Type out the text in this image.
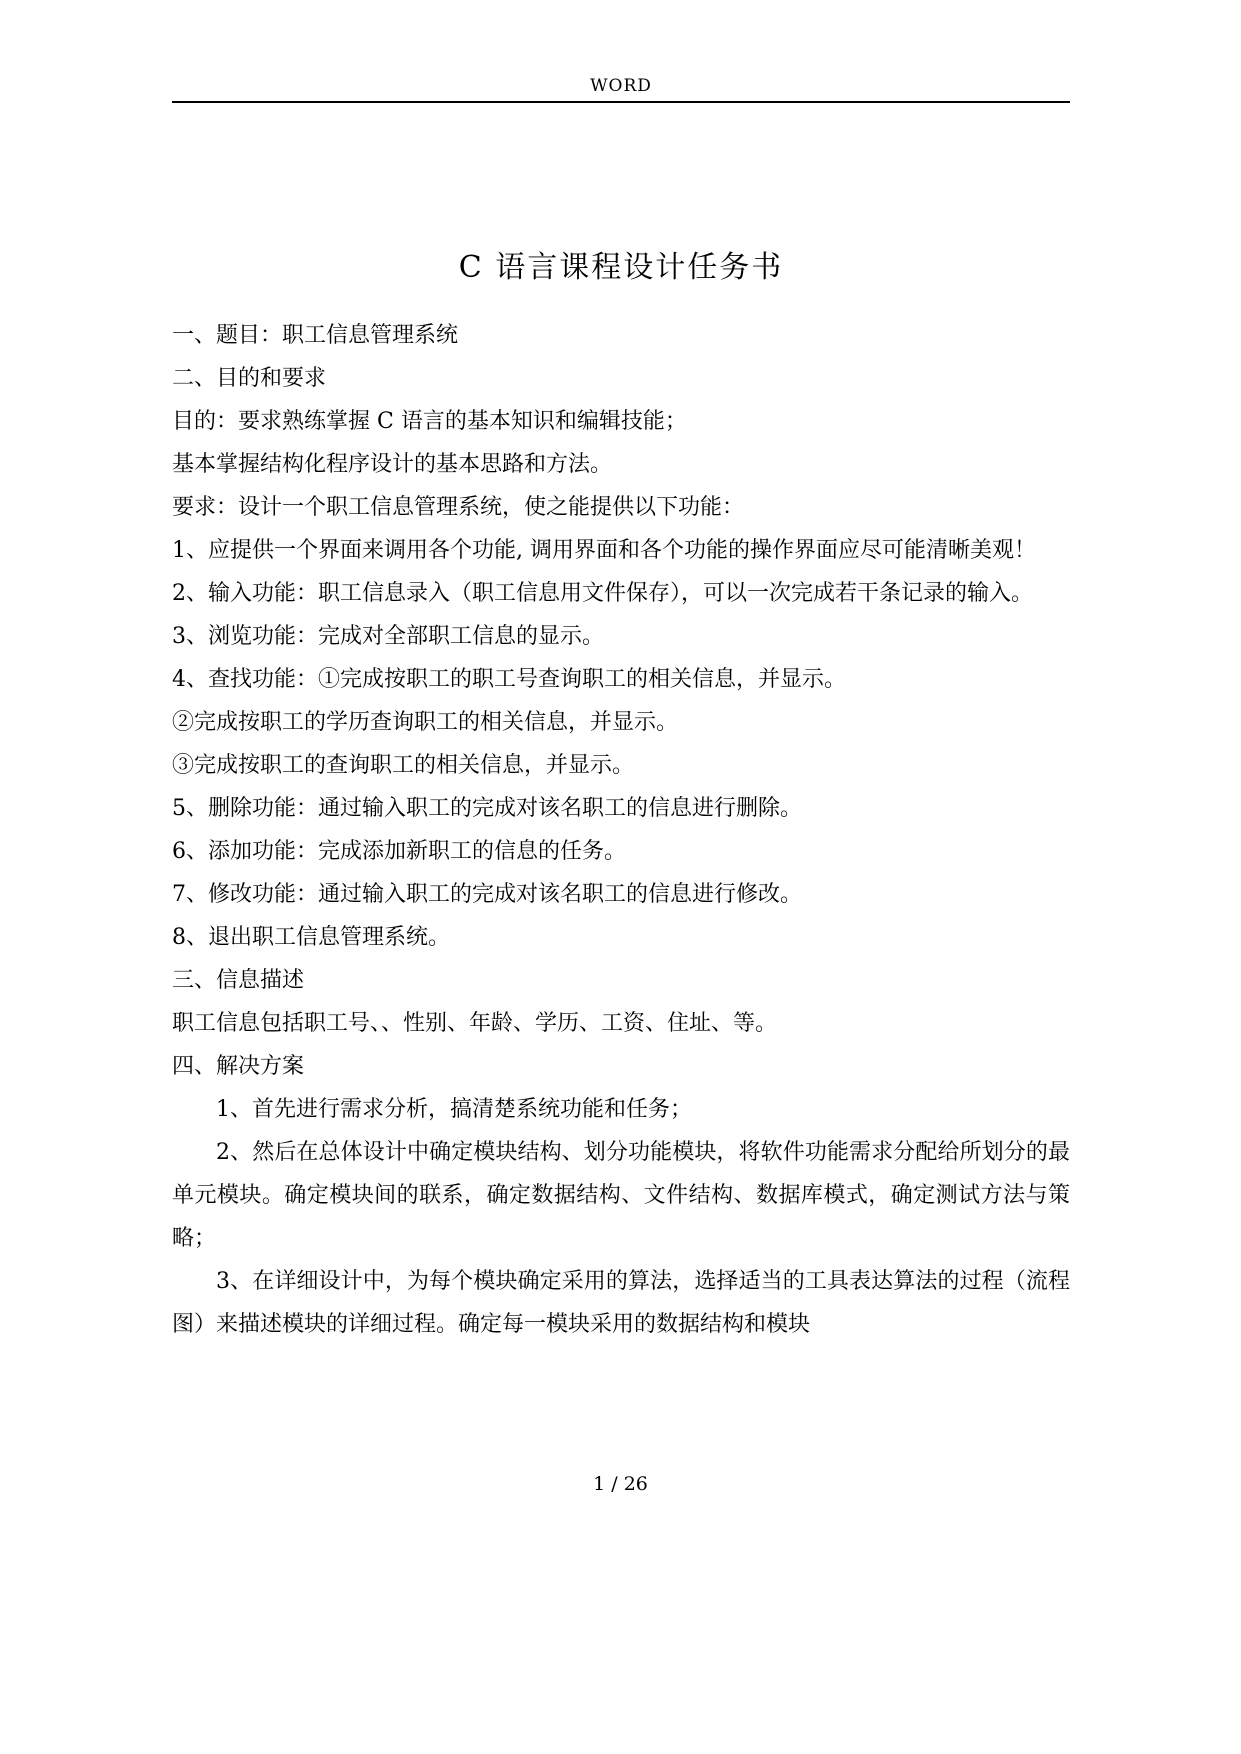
WORD
C 语言课程设计任务书

一、题目：职工信息管理系统

二、目的和要求

目的：要求熟练掌握 C 语言的基本知识和编辑技能；

基本掌握结构化程序设计的基本思路和方法。

要求：设计一个职工信息管理系统，使之能提供以下功能：

1、应提供一个界面来调用各个功能, 调用界面和各个功能的操作界面应尽可能清晰美观！

2、输入功能：职工信息录入（职工信息用文件保存），可以一次完成若干条记录的输入。

3、浏览功能：完成对全部职工信息的显示。

4、查找功能：①完成按职工的职工号查询职工的相关信息，并显示。

②完成按职工的学历查询职工的相关信息，并显示。

③完成按职工的查询职工的相关信息，并显示。

5、删除功能：通过输入职工的完成对该名职工的信息进行删除。

6、添加功能：完成添加新职工的信息的任务。

7、修改功能：通过输入职工的完成对该名职工的信息进行修改。

8、退出职工信息管理系统。

三、信息描述

职工信息包括职工号、、性别、年龄、学历、工资、住址、等。

四、解决方案

1、首先进行需求分析，搞清楚系统功能和任务；

2、然后在总体设计中确定模块结构、划分功能模块，将软件功能需求分配给所划分的最单元模块。确定模块间的联系，确定数据结构、文件结构、数据库模式，确定测试方法与策略；

3、在详细设计中，为每个模块确定采用的算法，选择适当的工具表达算法的过程（流程图）来描述模块的详细过程。确定每一模块采用的数据结构和模块

1 / 26
